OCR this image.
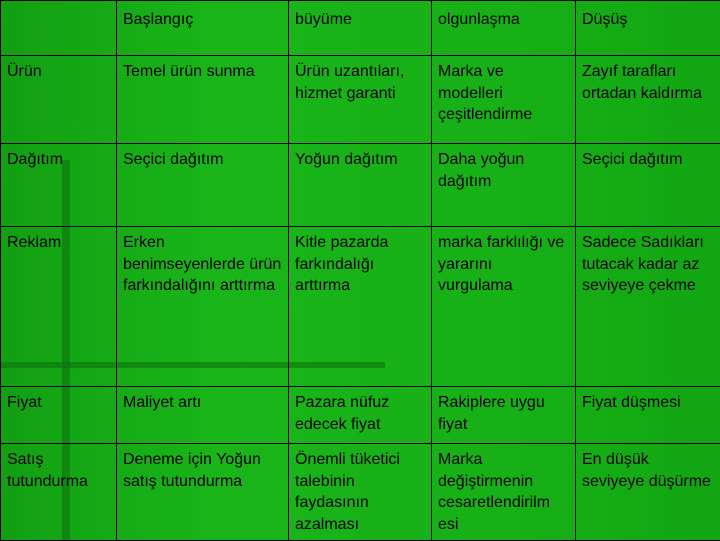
	Başlangıç	büyüme	olgunlaşma	Düşüş
Ürün	Temel ürün sunma	Ürün uzantıları, hizmet garanti	Marka ve modelleri çeşitlendirme	Zayıf tarafları ortadan kaldırma
Dağıtım	Seçici dağıtım	Yoğun dağıtım	Daha yoğun dağıtım	Seçici dağıtım
Reklam	Erken benimseyenlerde ürün farkındalığını arttırma	Kitle pazarda farkındalığı arttırma	marka farklılığı ve yararını vurgulama	Sadece Sadıkları tutacak kadar az seviyeye çekme
Fiyat	Maliyet artı	Pazara nüfuz edecek fiyat	Rakiplere uygu fiyat	Fiyat düşmesi
Satış tutundurma	Deneme için Yoğun satış tutundurma	Önemli tüketici talebinin faydasının azalması	Marka değiştirmenin cesaretlendirilm esi	En düşük seviyeye düşürme
